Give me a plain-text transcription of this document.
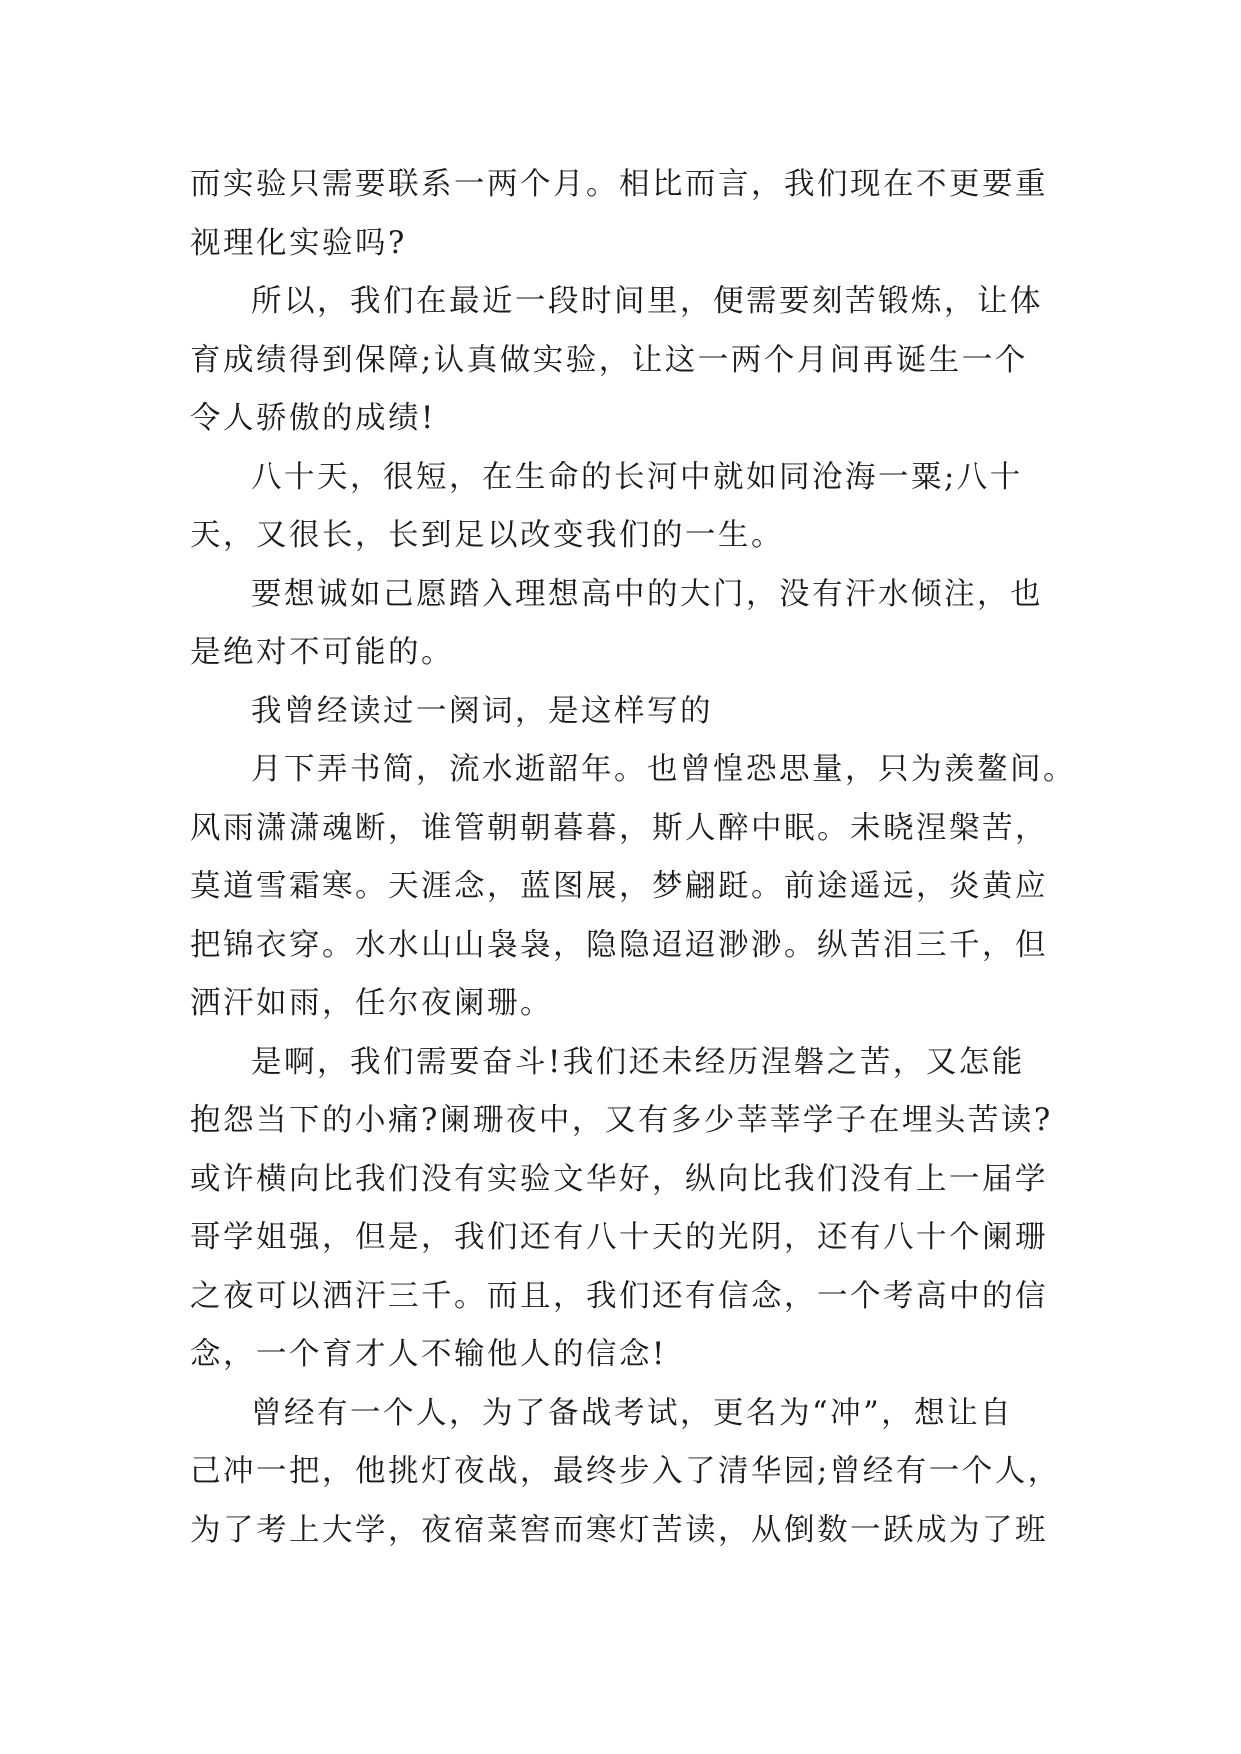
而实验只需要联系一两个月。相比而言，我们现在不更要重
视理化实验吗?

所以，我们在最近一段时间里，便需要刻苦锻炼，让体
育成绩得到保障;认真做实验，让这一两个月间再诞生一个
令人骄傲的成绩!

八十天，很短，在生命的长河中就如同沧海一粟;八十
天，又很长，长到足以改变我们的一生。

要想诚如己愿踏入理想高中的大门，没有汗水倾注，也
是绝对不可能的。

我曾经读过一阕词，是这样写的

月下弄书简，流水逝韶年。也曾惶恐思量，只为羡鳌间。
风雨潇潇魂断，谁管朝朝暮暮，斯人醉中眠。未晓涅槃苦，
莫道雪霜寒。天涯念，蓝图展，梦翩跹。前途遥远，炎黄应
把锦衣穿。水水山山袅袅，隐隐迢迢渺渺。纵苦泪三千，但
洒汗如雨，任尔夜阑珊。

是啊，我们需要奋斗!我们还未经历涅磐之苦，又怎能
抱怨当下的小痛?阑珊夜中，又有多少莘莘学子在埋头苦读?
或许横向比我们没有实验文华好，纵向比我们没有上一届学
哥学姐强，但是，我们还有八十天的光阴，还有八十个阑珊
之夜可以洒汗三千。而且，我们还有信念，一个考高中的信
念，一个育才人不输他人的信念!

曾经有一个人，为了备战考试，更名为“冲”，想让自
己冲一把，他挑灯夜战，最终步入了清华园;曾经有一个人，
为了考上大学，夜宿菜窖而寒灯苦读，从倒数一跃成为了班
